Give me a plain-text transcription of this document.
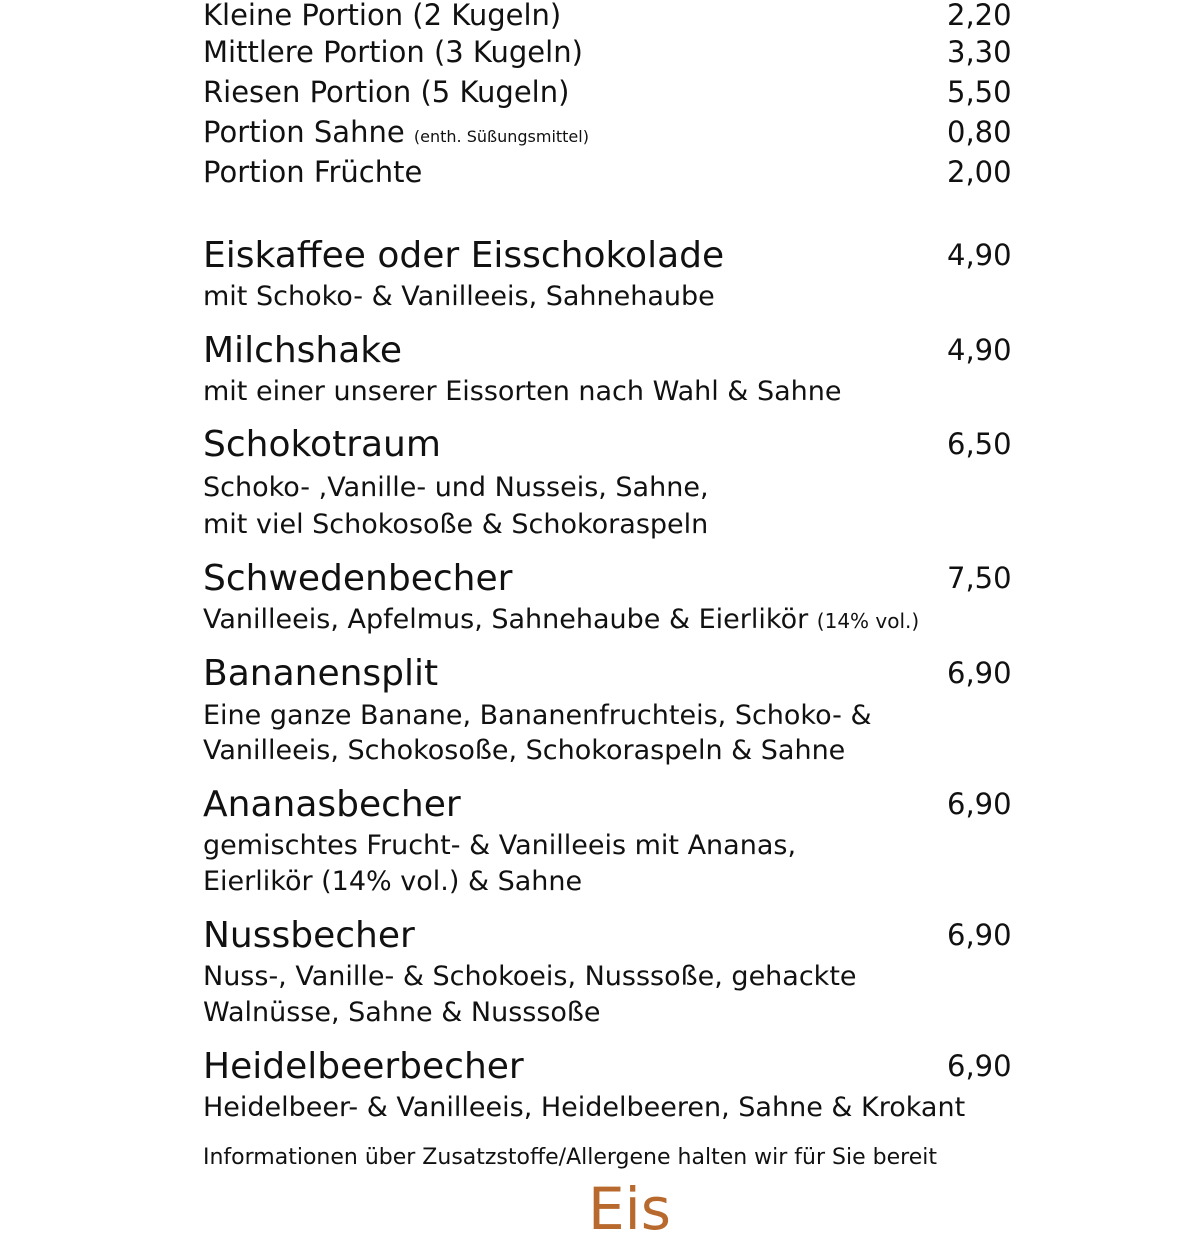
Kleine Portion (2 Kugeln)	2,20
Mittlere Portion (3 Kugeln)	3,30
Riesen Portion (5 Kugeln)	5,50
Portion Sahne (enth. Süßungsmittel)	0,80
Portion Früchte	2,00
Eiskaffee oder Eisschokolade	4,90
mit Schoko- & Vanilleeis, Sahnehaube
Milchshake	4,90
mit einer unserer Eissorten nach Wahl & Sahne
Schokotraum	6,50
Schoko- ,Vanille- und Nusseis, Sahne,
mit viel Schokosoße & Schokoraspeln
Schwedenbecher	7,50
Vanilleeis, Apfelmus, Sahnehaube & Eierlikör (14% vol.)
Bananensplit	6,90
Eine ganze Banane, Bananenfruchteis, Schoko- &
Vanilleeis, Schokosoße, Schokoraspeln & Sahne
Ananasbecher	6,90
gemischtes Frucht- & Vanilleeis mit Ananas,
Eierlikör (14% vol.) & Sahne
Nussbecher	6,90
Nuss-, Vanille- & Schokoeis, Nusssoße, gehackte
Walnüsse, Sahne & Nusssoße
Heidelbeerbecher	6,90
Heidelbeer- & Vanilleeis, Heidelbeeren, Sahne & Krokant
Informationen über Zusatzstoffe/Allergene halten wir für Sie bereit
Eis
